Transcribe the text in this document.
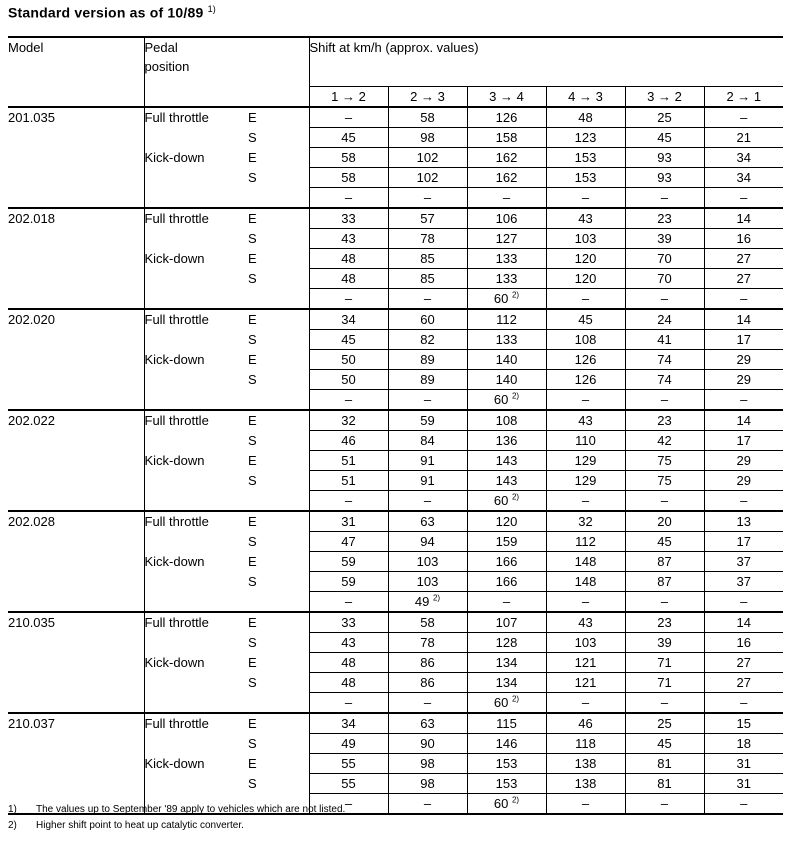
Standard version as of 10/89 $^{1)}$
Model	Pedal
position		Shift at km/h (approx. values)					
			1 → 2	2 → 3	3 → 4	4 → 3	3 → 2	2 → 1
201.035	Full throttle	E	–	58	126	48	25	–
		S	45	98	158	123	45	21
	Kick-down	E	58	102	162	153	93	34
		S	58	102	162	153	93	34
			–	–	–	–	–	–
202.018	Full throttle	E	33	57	106	43	23	14
		S	43	78	127	103	39	16
	Kick-down	E	48	85	133	120	70	27
		S	48	85	133	120	70	27
			–	–	60 $^{2)}$	–	–	–
202.020	Full throttle	E	34	60	112	45	24	14
		S	45	82	133	108	41	17
	Kick-down	E	50	89	140	126	74	29
		S	50	89	140	126	74	29
			–	–	60 $^{2)}$	–	–	–
202.022	Full throttle	E	32	59	108	43	23	14
		S	46	84	136	110	42	17
	Kick-down	E	51	91	143	129	75	29
		S	51	91	143	129	75	29
			–	–	60 $^{2)}$	–	–	–
202.028	Full throttle	E	31	63	120	32	20	13
		S	47	94	159	112	45	17
	Kick-down	E	59	103	166	148	87	37
		S	59	103	166	148	87	37
			–	49 $^{2)}$	–	–	–	–
210.035	Full throttle	E	33	58	107	43	23	14
		S	43	78	128	103	39	16
	Kick-down	E	48	86	134	121	71	27
		S	48	86	134	121	71	27
			–	–	60 $^{2)}$	–	–	–
210.037	Full throttle	E	34	63	115	46	25	15
		S	49	90	146	118	45	18
	Kick-down	E	55	98	153	138	81	31
		S	55	98	153	138	81	31
			–	–	60 $^{2)}$	–	–	–
1) The values up to September '89 apply to vehicles which are not listed.
2) Higher shift point to heat up catalytic converter.
